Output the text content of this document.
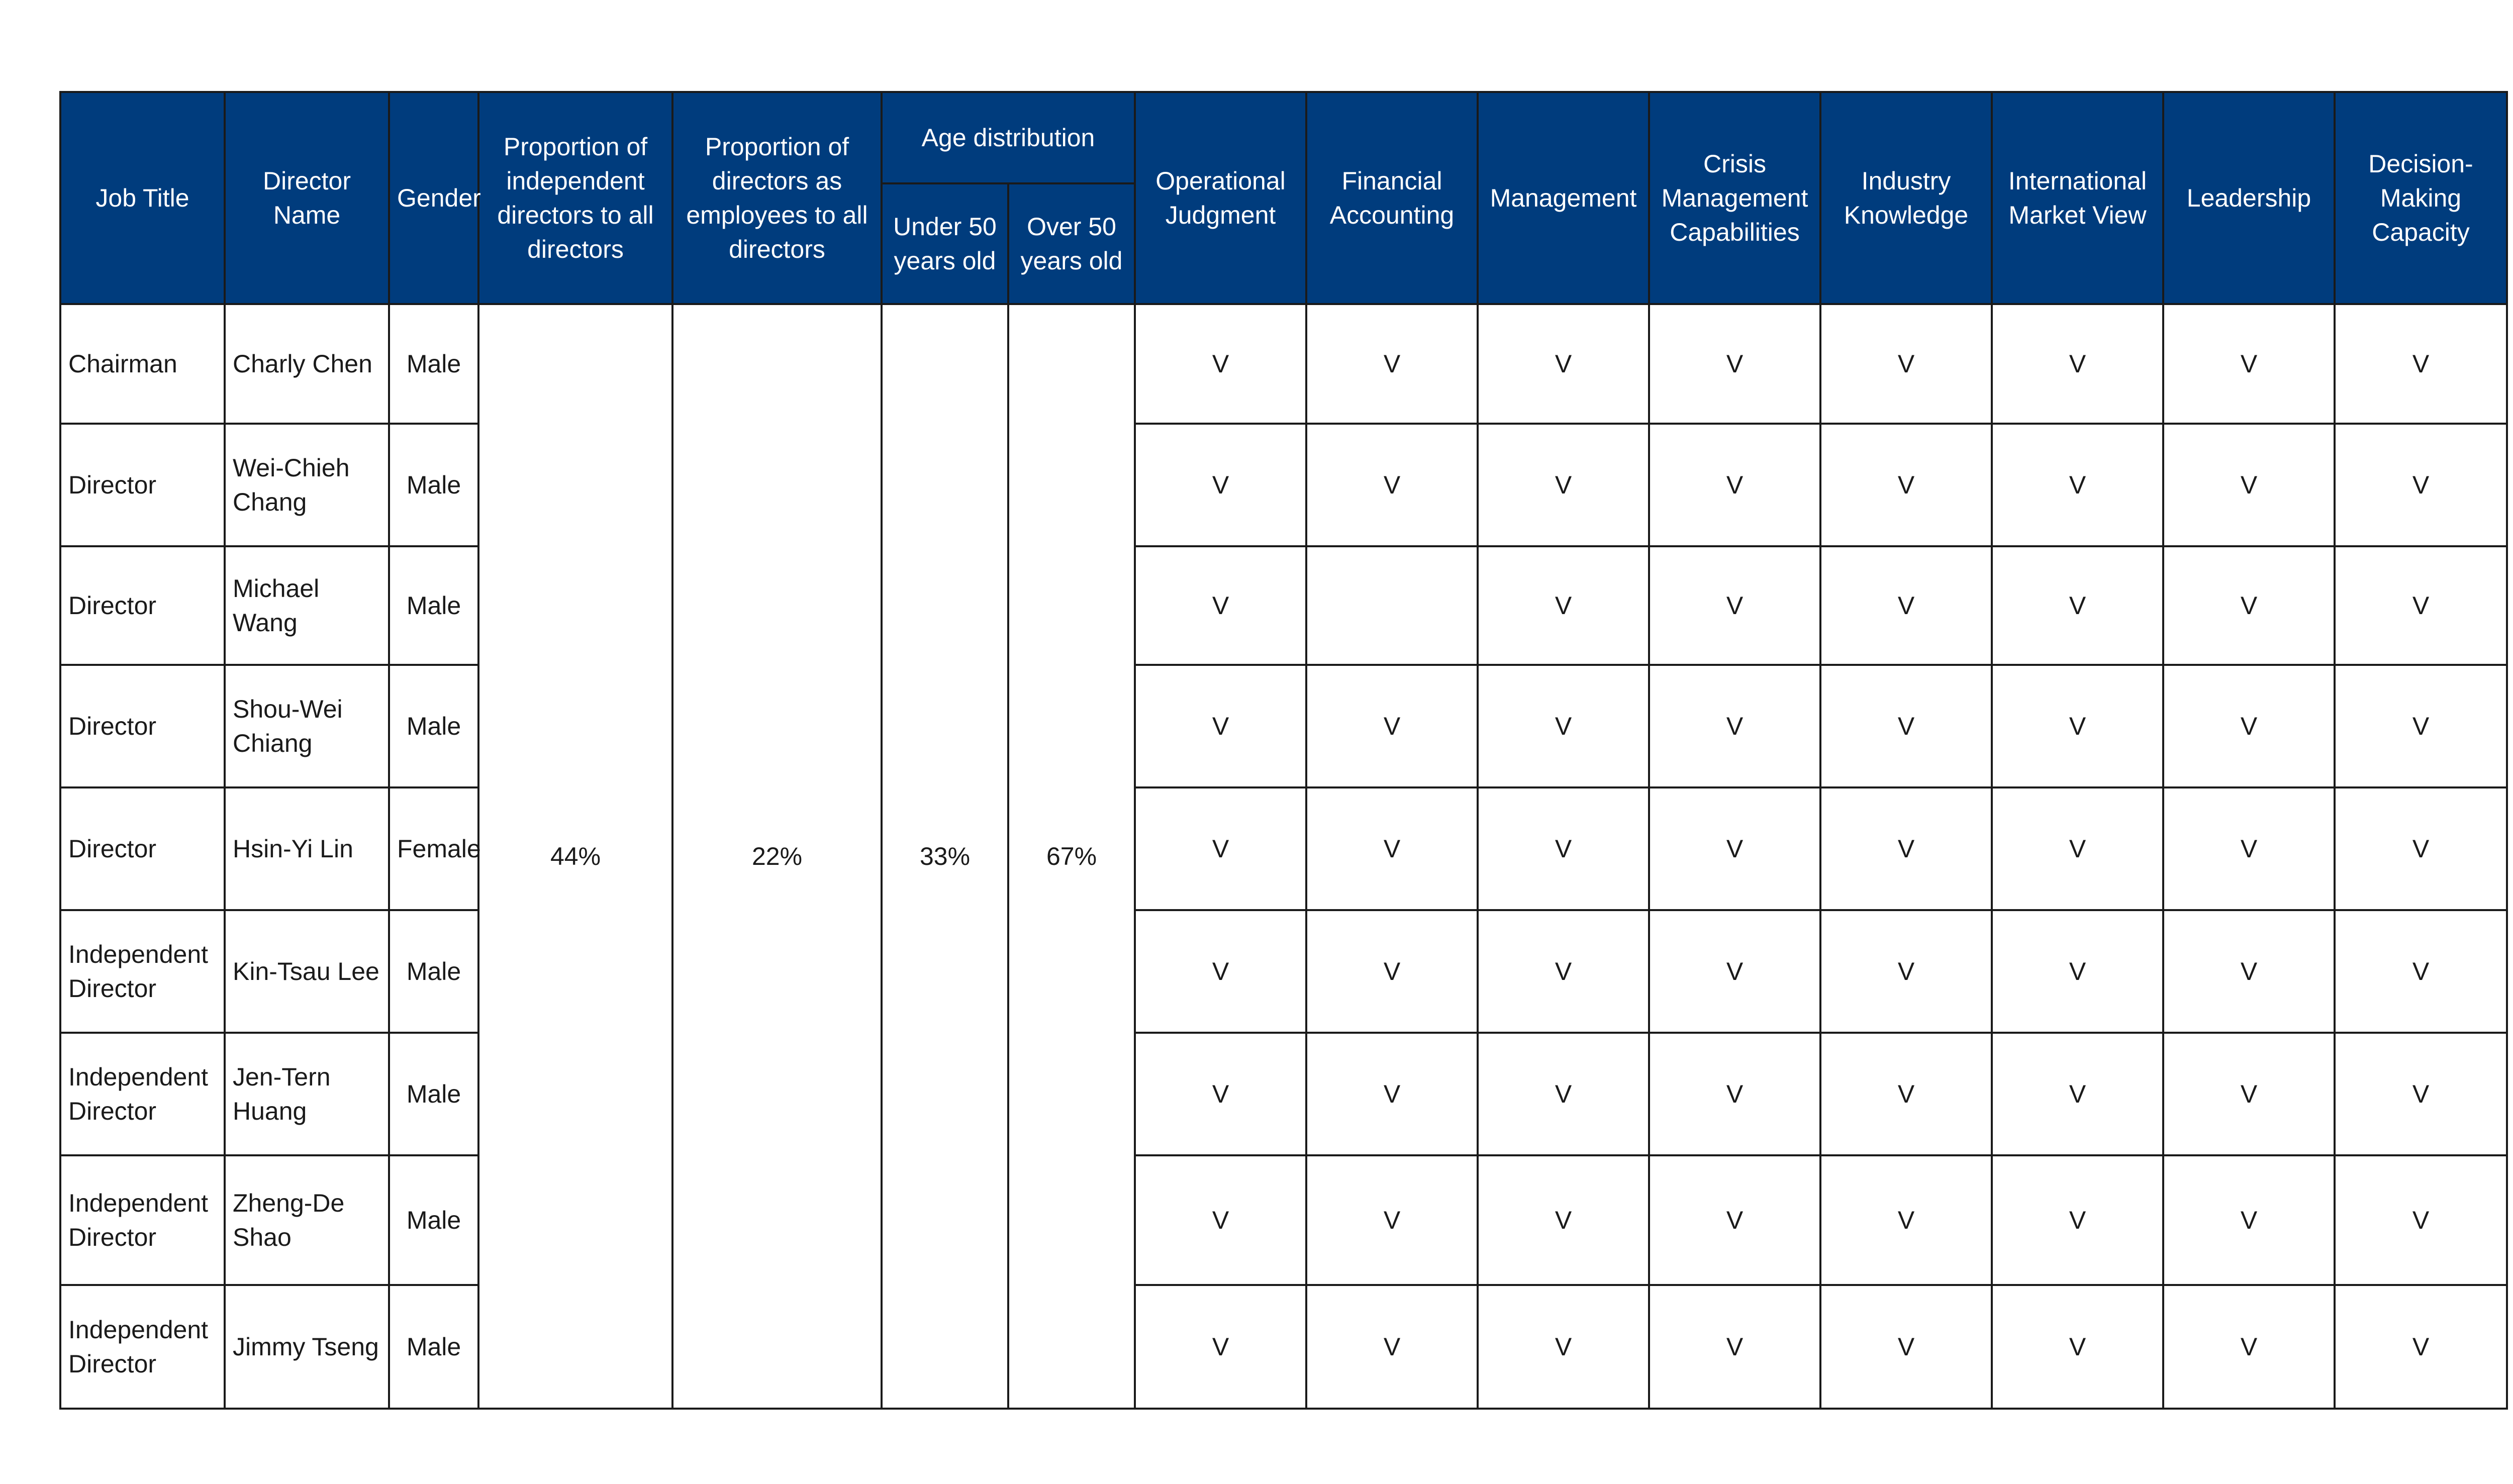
Job Title	Director Name	Gender	Proportion of independent directors to all directors	Proportion of directors as employees to all directors	Age distribution		Operational Judgment	Financial Accounting	Management	Crisis Management Capabilities	Industry Knowledge	International Market View	Leadership	Decision-Making Capacity
					Under 50 years old	Over 50 years old								
Chairman	Charly Chen	Male	44%	22%	33%	67%	V	V	V	V	V	V	V	V
Director	Wei-Chieh Chang	Male					V	V	V	V	V	V	V	V
Director	Michael Wang	Male					V		V	V	V	V	V	V
Director	Shou-Wei Chiang	Male					V	V	V	V	V	V	V	V
Director	Hsin-Yi Lin	Female					V	V	V	V	V	V	V	V
Independent Director	Kin-Tsau Lee	Male					V	V	V	V	V	V	V	V
Independent Director	Jen-Tern Huang	Male					V	V	V	V	V	V	V	V
Independent Director	Zheng-De Shao	Male					V	V	V	V	V	V	V	V
Independent Director	Jimmy Tseng	Male					V	V	V	V	V	V	V	V
